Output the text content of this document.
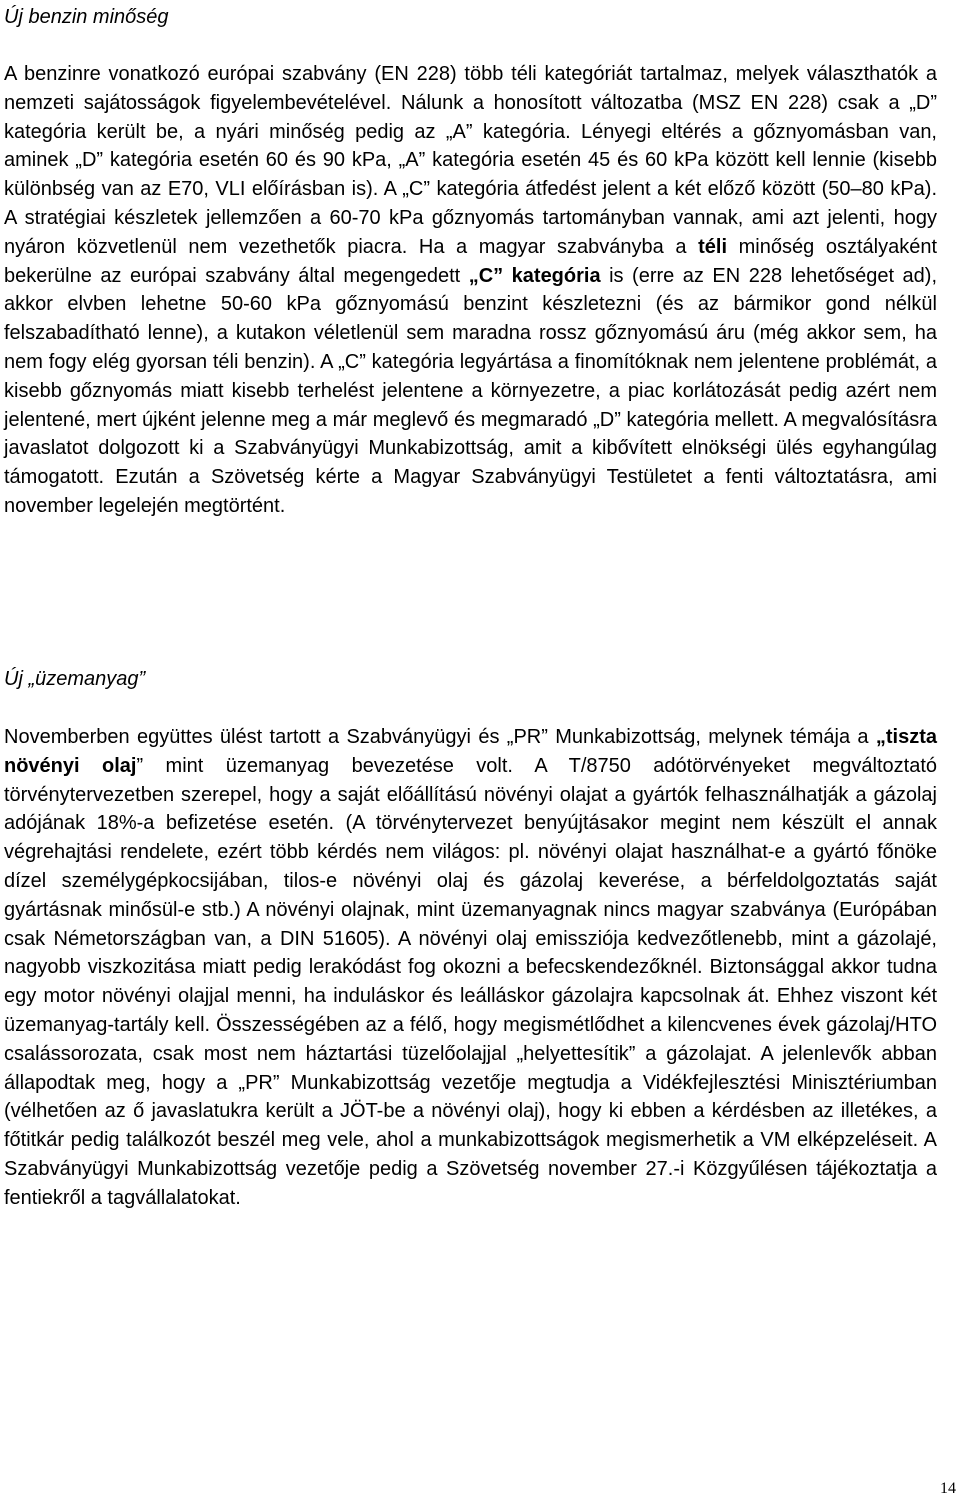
Új benzin minőség

A benzinre vonatkozó európai szabvány (EN 228) több téli kategóriát tartalmaz, melyek választhatók a nemzeti sajátosságok figyelembevételével. Nálunk a honosított változatba (MSZ EN 228) csak a „D” kategória került be, a nyári minőség pedig az „A” kategória. Lényegi eltérés a gőznyomásban van, aminek „D” kategória esetén 60 és 90 kPa, „A” kategória esetén 45 és 60 kPa között kell lennie (kisebb különbség van az E70, VLI előírásban is). A „C” kategória átfedést jelent a két előző között (50–80 kPa). A stratégiai készletek jellemzően a 60-70 kPa gőznyomás tartományban vannak, ami azt jelenti, hogy nyáron közvetlenül nem vezethetők piacra. Ha a magyar szabványba a téli minőség osztályaként bekerülne az európai szabvány által megengedett „C” kategória is (erre az EN 228 lehetőséget ad), akkor elvben lehetne 50-60 kPa gőznyomású benzint készletezni (és az bármikor gond nélkül felszabadítható lenne), a kutakon véletlenül sem maradna rossz gőznyomású áru (még akkor sem, ha nem fogy elég gyorsan téli benzin). A „C” kategória legyártása a finomítóknak nem jelentene problémát, a kisebb gőznyomás miatt kisebb terhelést jelentene a környezetre, a piac korlátozását pedig azért nem jelentené, mert újként jelenne meg a már meglevő és megmaradó „D” kategória mellett. A megvalósításra javaslatot dolgozott ki a Szabványügyi Munkabizottság, amit a kibővített elnökségi ülés egyhangúlag támogatott. Ezután a Szövetség kérte a Magyar Szabványügyi Testületet a fenti változtatásra, ami november legelején megtörtént.

Új „üzemanyag”

Novemberben együttes ülést tartott a Szabványügyi és „PR” Munkabizottság, melynek témája a „tiszta növényi olaj” mint üzemanyag bevezetése volt. A T/8750 adótörvényeket megváltoztató törvénytervezetben szerepel, hogy a saját előállítású növényi olajat a gyártók felhasználhatják a gázolaj adójának 18%-a befizetése esetén. (A törvénytervezet benyújtásakor megint nem készült el annak végrehajtási rendelete, ezért több kérdés nem világos: pl. növényi olajat használhat-e a gyártó főnöke dízel személygépkocsijában, tilos-e növényi olaj és gázolaj keverése, a bérfeldolgoztatás saját gyártásnak minősül-e stb.) A növényi olajnak, mint üzemanyagnak nincs magyar szabványa (Európában csak Németországban van, a DIN 51605). A növényi olaj emissziója kedvezőtlenebb, mint a gázolajé, nagyobb viszkozitása miatt pedig lerakódást fog okozni a befecskendezőknél. Biztonsággal akkor tudna egy motor növényi olajjal menni, ha induláskor és leálláskor gázolajra kapcsolnak át. Ehhez viszont két üzemanyag-tartály kell. Összességében az a félő, hogy megismétlődhet a kilencvenes évek gázolaj/HTO csalássorozata, csak most nem háztartási tüzelőolajjal „helyettesítik” a gázolajat. A jelenlevők abban állapodtak meg, hogy a „PR” Munkabizottság vezetője megtudja a Vidékfejlesztési Minisztériumban (vélhetően az ő javaslatukra került a JÖT-be a növényi olaj), hogy ki ebben a kérdésben az illetékes, a főtitkár pedig találkozót beszél meg vele, ahol a munkabizottságok megismerhetik a VM elképzeléseit. A Szabványügyi Munkabizottság vezetője pedig a Szövetség november 27.-i Közgyűlésen tájékoztatja a fentiekről a tagvállalatokat.

14
